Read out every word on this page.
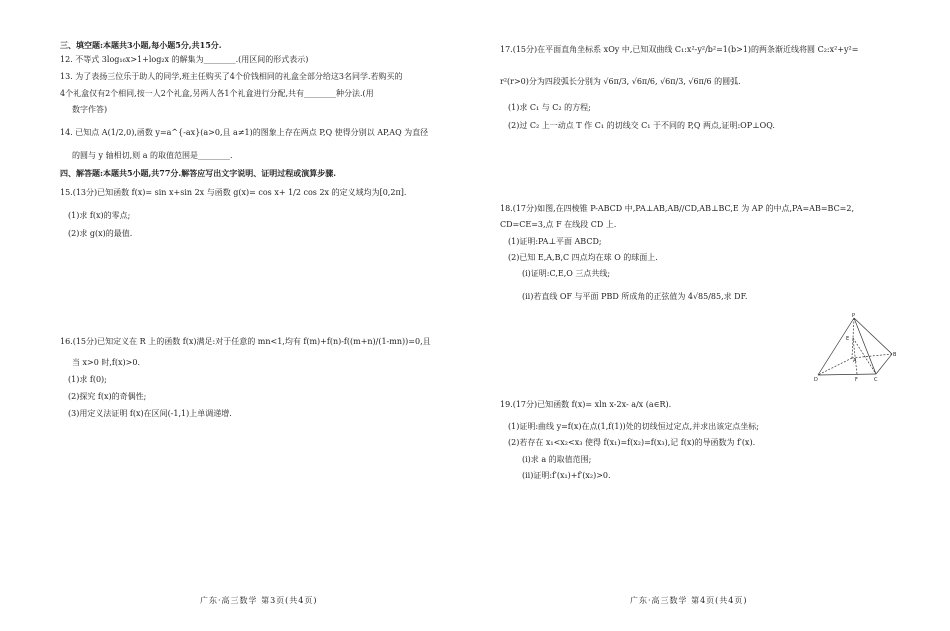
三、填空题:本题共3小题,每小题5分,共15分.
12. 不等式 3log₁₆x>1+log₂x 的解集为________.(用区间的形式表示)
13. 为了表扬三位乐于助人的同学,班主任购买了4个价钱相同的礼盒全部分给这3名同学.若购买的
4个礼盒仅有2个相同,按一人2个礼盒,另两人各1个礼盒进行分配,共有________种分法.(用
数字作答)
14. 已知点 A(1/2,0),函数 y=a^{-ax}(a>0,且 a≠1)的图象上存在两点 P,Q 使得分别以 AP,AQ 为直径
的圆与 y 轴相切,则 a 的取值范围是________.
四、解答题:本题共5小题,共77分.解答应写出文字说明、证明过程或演算步骤.
15.(13分)已知函数 f(x)= sin x+sin 2x 与函数 g(x)= cos x+ 1/2 cos 2x 的定义域均为[0,2π].
(1)求 f(x)的零点;
(2)求 g(x)的最值.
16.(15分)已知定义在 R 上的函数 f(x)满足:对于任意的 mn<1,均有 f(m)+f(n)-f((m+n)/(1-mn))=0,且
当 x>0 时,f(x)>0.
(1)求 f(0);
(2)探究 f(x)的奇偶性;
(3)用定义法证明 f(x)在区间(-1,1)上单调递增.
广东·高三数学 第3页(共4页)
17.(15分)在平面直角坐标系 xOy 中,已知双曲线 C₁:x²-y²/b²=1(b>1)的两条渐近线将圆 C₂:x²+y²=
r²(r>0)分为四段弧长分别为 √6π/3, √6π/6, √6π/3, √6π/6 的圆弧.
(1)求 C₁ 与 C₂ 的方程;
(2)过 C₂ 上一动点 T 作 C₁ 的切线交 C₁ 于不同的 P,Q 两点,证明:OP⊥OQ.
18.(17分)如图,在四棱锥 P-ABCD 中,PA⊥AB,AB//CD,AB⊥BC,E 为 AP 的中点,PA=AB=BC=2,
CD=CE=3,点 F 在线段 CD 上.
(1)证明:PA⊥平面 ABCD;
(2)已知 E,A,B,C 四点均在球 O 的球面上.
(i)证明:C,E,O 三点共线;
(ii)若直线 OF 与平面 PBD 所成角的正弦值为 4√85/85,求 DF.
19.(17分)已知函数 f(x)= xln x-2x- a/x (a∈R).
(1)证明:曲线 y=f(x)在点(1,f(1))处的切线恒过定点,并求出该定点坐标;
(2)若存在 x₁<x₂<x₃ 使得 f(x₁)=f(x₂)=f(x₃),记 f(x)的导函数为 f′(x).
(i)求 a 的取值范围;
(ii)证明:f′(x₁)+f′(x₂)>0.
P
E
A
B
C
D	F
广东·高三数学 第4页(共4页)
